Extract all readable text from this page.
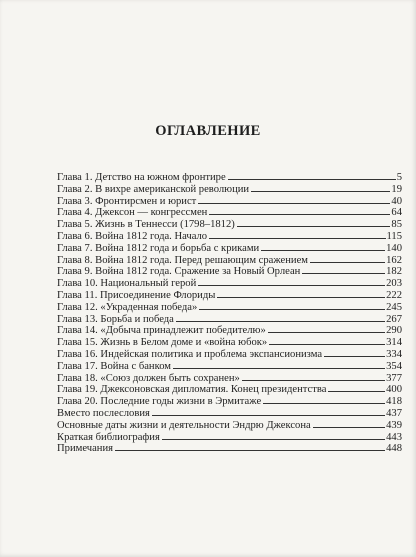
ОГЛАВЛЕНИЕ
Глава 1. Детство на южном фронтире	5
Глава 2. В вихре американской революции	19
Глава 3. Фронтирсмен и юрист	40
Глава 4. Джексон — конгрессмен	64
Глава 5. Жизнь в Теннесси (1798–1812)	85
Глава 6. Война 1812 года. Начало	115
Глава 7. Война 1812 года и борьба с криками	140
Глава 8. Война 1812 года. Перед решающим сражением	162
Глава 9. Война 1812 года. Сражение за Новый Орлеан	182
Глава 10. Национальный герой	203
Глава 11. Присоединение Флориды	222
Глава 12. «Украденная победа»	245
Глава 13. Борьба и победа	267
Глава 14. «Добыча принадлежит победителю»	290
Глава 15. Жизнь в Белом доме и «война юбок»	314
Глава 16. Индейская политика и проблема экспансионизма	334
Глава 17. Война с банком	354
Глава 18. «Союз должен быть сохранен»	377
Глава 19. Джексоновская дипломатия. Конец президентства	400
Глава 20. Последние годы жизни в Эрмитаже	418
Вместо послесловия	437
Основные даты жизни и деятельности Эндрю Джексона	439
Краткая библиография	443
Примечания	448
